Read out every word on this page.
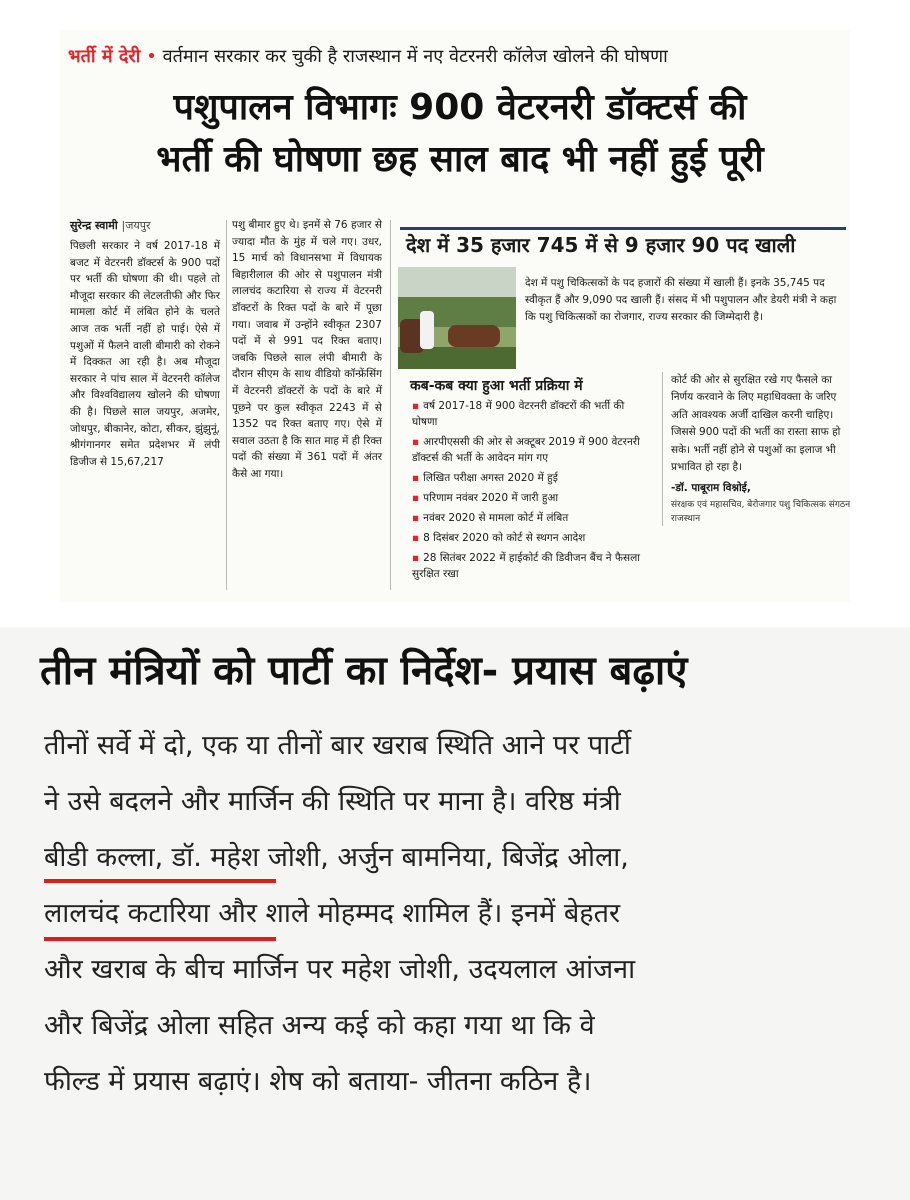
भर्ती में देरी • वर्तमान सरकार कर चुकी है राजस्थान में नए वेटरनरी कॉलेज खोलने की घोषणा
पशुपालन विभागः 900 वेटरनरी डॉक्टर्स की
भर्ती की घोषणा छह साल बाद भी नहीं हुई पूरी
सुरेन्द्र स्वामी |जयपुर
पिछली सरकार ने वर्ष 2017-18 में बजट में वेटरनरी डॉक्टर्स के 900 पदों पर भर्ती की घोषणा की थी। पहले तो मौजूदा सरकार की लेटलतीफी और फिर मामला कोर्ट में लंबित होने के चलते आज तक भर्ती नहीं हो पाई। ऐसे में पशुओं में फैलने वाली बीमारी को रोकने में दिक्कत आ रही है। अब मौजूदा सरकार ने पांच साल में वेटरनरी कॉलेज और विश्वविद्यालय खोलने की घोषणा की है। पिछले साल जयपुर, अजमेर, जोधपुर, बीकानेर, कोटा, सीकर, झुंझुनूं, श्रीगंगानगर समेत प्रदेशभर में लंपी डिजीज से 15,67,217
पशु बीमार हुए थे। इनमें से 76 हजार से ज्यादा मौत के मुंह में चले गए। उधर, 15 मार्च को विधानसभा में विधायक बिहारीलाल की ओर से पशुपालन मंत्री लालचंद कटारिया से राज्य में वेटरनरी डॉक्टरों के रिक्त पदों के बारे में पूछा गया। जवाब में उन्होंने स्वीकृत 2307 पदों में से 991 पद रिक्त बताए। जबकि पिछले साल लंपी बीमारी के दौरान सीएम के साथ वीडियो कॉन्फ्रेंसिंग में वेटरनरी डॉक्टरों के पदों के बारे में पूछने पर कुल स्वीकृत 2243 में से 1352 पद रिक्त बताए गए। ऐसे में सवाल उठता है कि सात माह में ही रिक्त पदों की संख्या में 361 पदों में अंतर कैसे आ गया।
देश में 35 हजार 745 में से 9 हजार 90 पद खाली
देश में पशु चिकित्सकों के पद हजारों की संख्या में खाली हैं। इनके 35,745 पद स्वीकृत हैं और 9,090 पद खाली हैं। संसद में भी पशुपालन और डेयरी मंत्री ने कहा कि पशु चिकित्सकों का रोजगार, राज्य सरकार की जिम्मेदारी है।
कब-कब क्या हुआ भर्ती प्रक्रिया में
▪ वर्ष 2017-18 में 900 वेटरनरी डॉक्टरों की भर्ती की घोषणा
▪ आरपीएससी की ओर से अक्टूबर 2019 में 900 वेटरनरी डॉक्टर्स की भर्ती के आवेदन मांग गए
▪ लिखित परीक्षा अगस्त 2020 में हुई
▪ परिणाम नवंबर 2020 में जारी हुआ
▪ नवंबर 2020 से मामला कोर्ट में लंबित
▪ 8 दिसंबर 2020 को कोर्ट से स्थगन आदेश
▪ 28 सितंबर 2022 में हाईकोर्ट की डिवीजन बैंच ने फैसला सुरक्षित रखा
कोर्ट की ओर से सुरक्षित रखे गए फैसले का निर्णय करवाने के लिए महाधिवक्ता के जरिए अति आवश्यक अर्जी दाखिल करनी चाहिए। जिससे 900 पदों की भर्ती का रास्ता साफ हो सके। भर्ती नहीं होने से पशुओं का इलाज भी प्रभावित हो रहा है।
-डॉ. पाबूराम विश्नोई,
संरक्षक एवं महासचिव, बेरोजगार पशु चिकित्सक संगठन राजस्थान
तीन मंत्रियों को पार्टी का निर्देश- प्रयास बढ़ाएं
तीनों सर्वे में दो, एक या तीनों बार खराब स्थिति आने पर पार्टी
ने उसे बदलने और मार्जिन की स्थिति पर माना है। वरिष्ठ मंत्री
बीडी कल्ला, डॉ. महेश जोशी, अर्जुन बामनिया, बिजेंद्र ओला,
लालचंद कटारिया और शाले मोहम्मद शामिल हैं। इनमें बेहतर
और खराब के बीच मार्जिन पर महेश जोशी, उदयलाल आंजना
और बिजेंद्र ओला सहित अन्य कई को कहा गया था कि वे
फील्ड में प्रयास बढ़ाएं। शेष को बताया- जीतना कठिन है।
